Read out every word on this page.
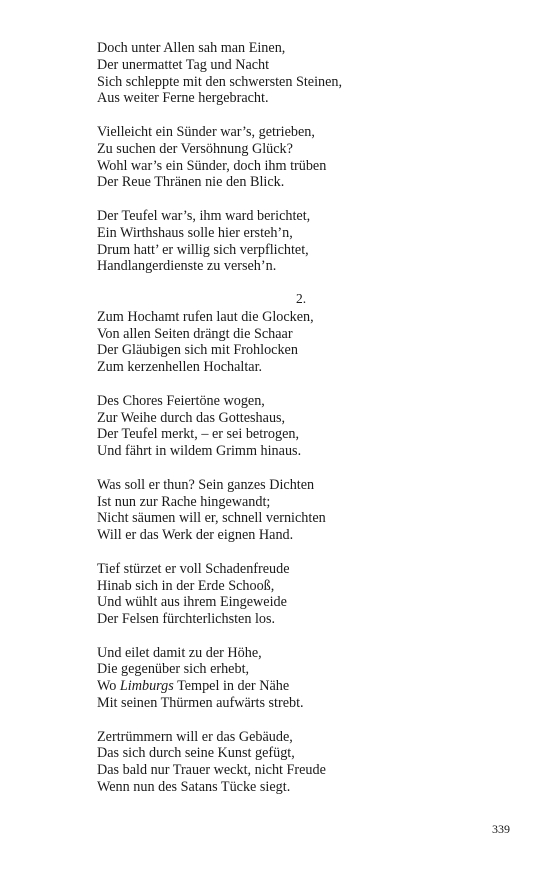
Doch unter Allen sah man Einen,
Der unermattet Tag und Nacht
Sich schleppte mit den schwersten Steinen,
Aus weiter Ferne hergebracht.
Vielleicht ein Sünder war’s, getrieben,
Zu suchen der Versöhnung Glück?
Wohl war’s ein Sünder, doch ihm trüben
Der Reue Thränen nie den Blick.
Der Teufel war’s, ihm ward berichtet,
Ein Wirthshaus solle hier ersteh’n,
Drum hatt’ er willig sich verpflichtet,
Handlangerdienste zu verseh’n.
2.
Zum Hochamt rufen laut die Glocken,
Von allen Seiten drängt die Schaar
Der Gläubigen sich mit Frohlocken
Zum kerzenhellen Hochaltar.
Des Chores Feiertöne wogen,
Zur Weihe durch das Gotteshaus,
Der Teufel merkt, – er sei betrogen,
Und fährt in wildem Grimm hinaus.
Was soll er thun? Sein ganzes Dichten
Ist nun zur Rache hingewandt;
Nicht säumen will er, schnell vernichten
Will er das Werk der eignen Hand.
Tief stürzet er voll Schadenfreude
Hinab sich in der Erde Schooß,
Und wühlt aus ihrem Eingeweide
Der Felsen fürchterlichsten los.
Und eilet damit zu der Höhe,
Die gegenüber sich erhebt,
Wo Limburgs Tempel in der Nähe
Mit seinen Thürmen aufwärts strebt.
Zertrümmern will er das Gebäude,
Das sich durch seine Kunst gefügt,
Das bald nur Trauer weckt, nicht Freude
Wenn nun des Satans Tücke siegt.
339
